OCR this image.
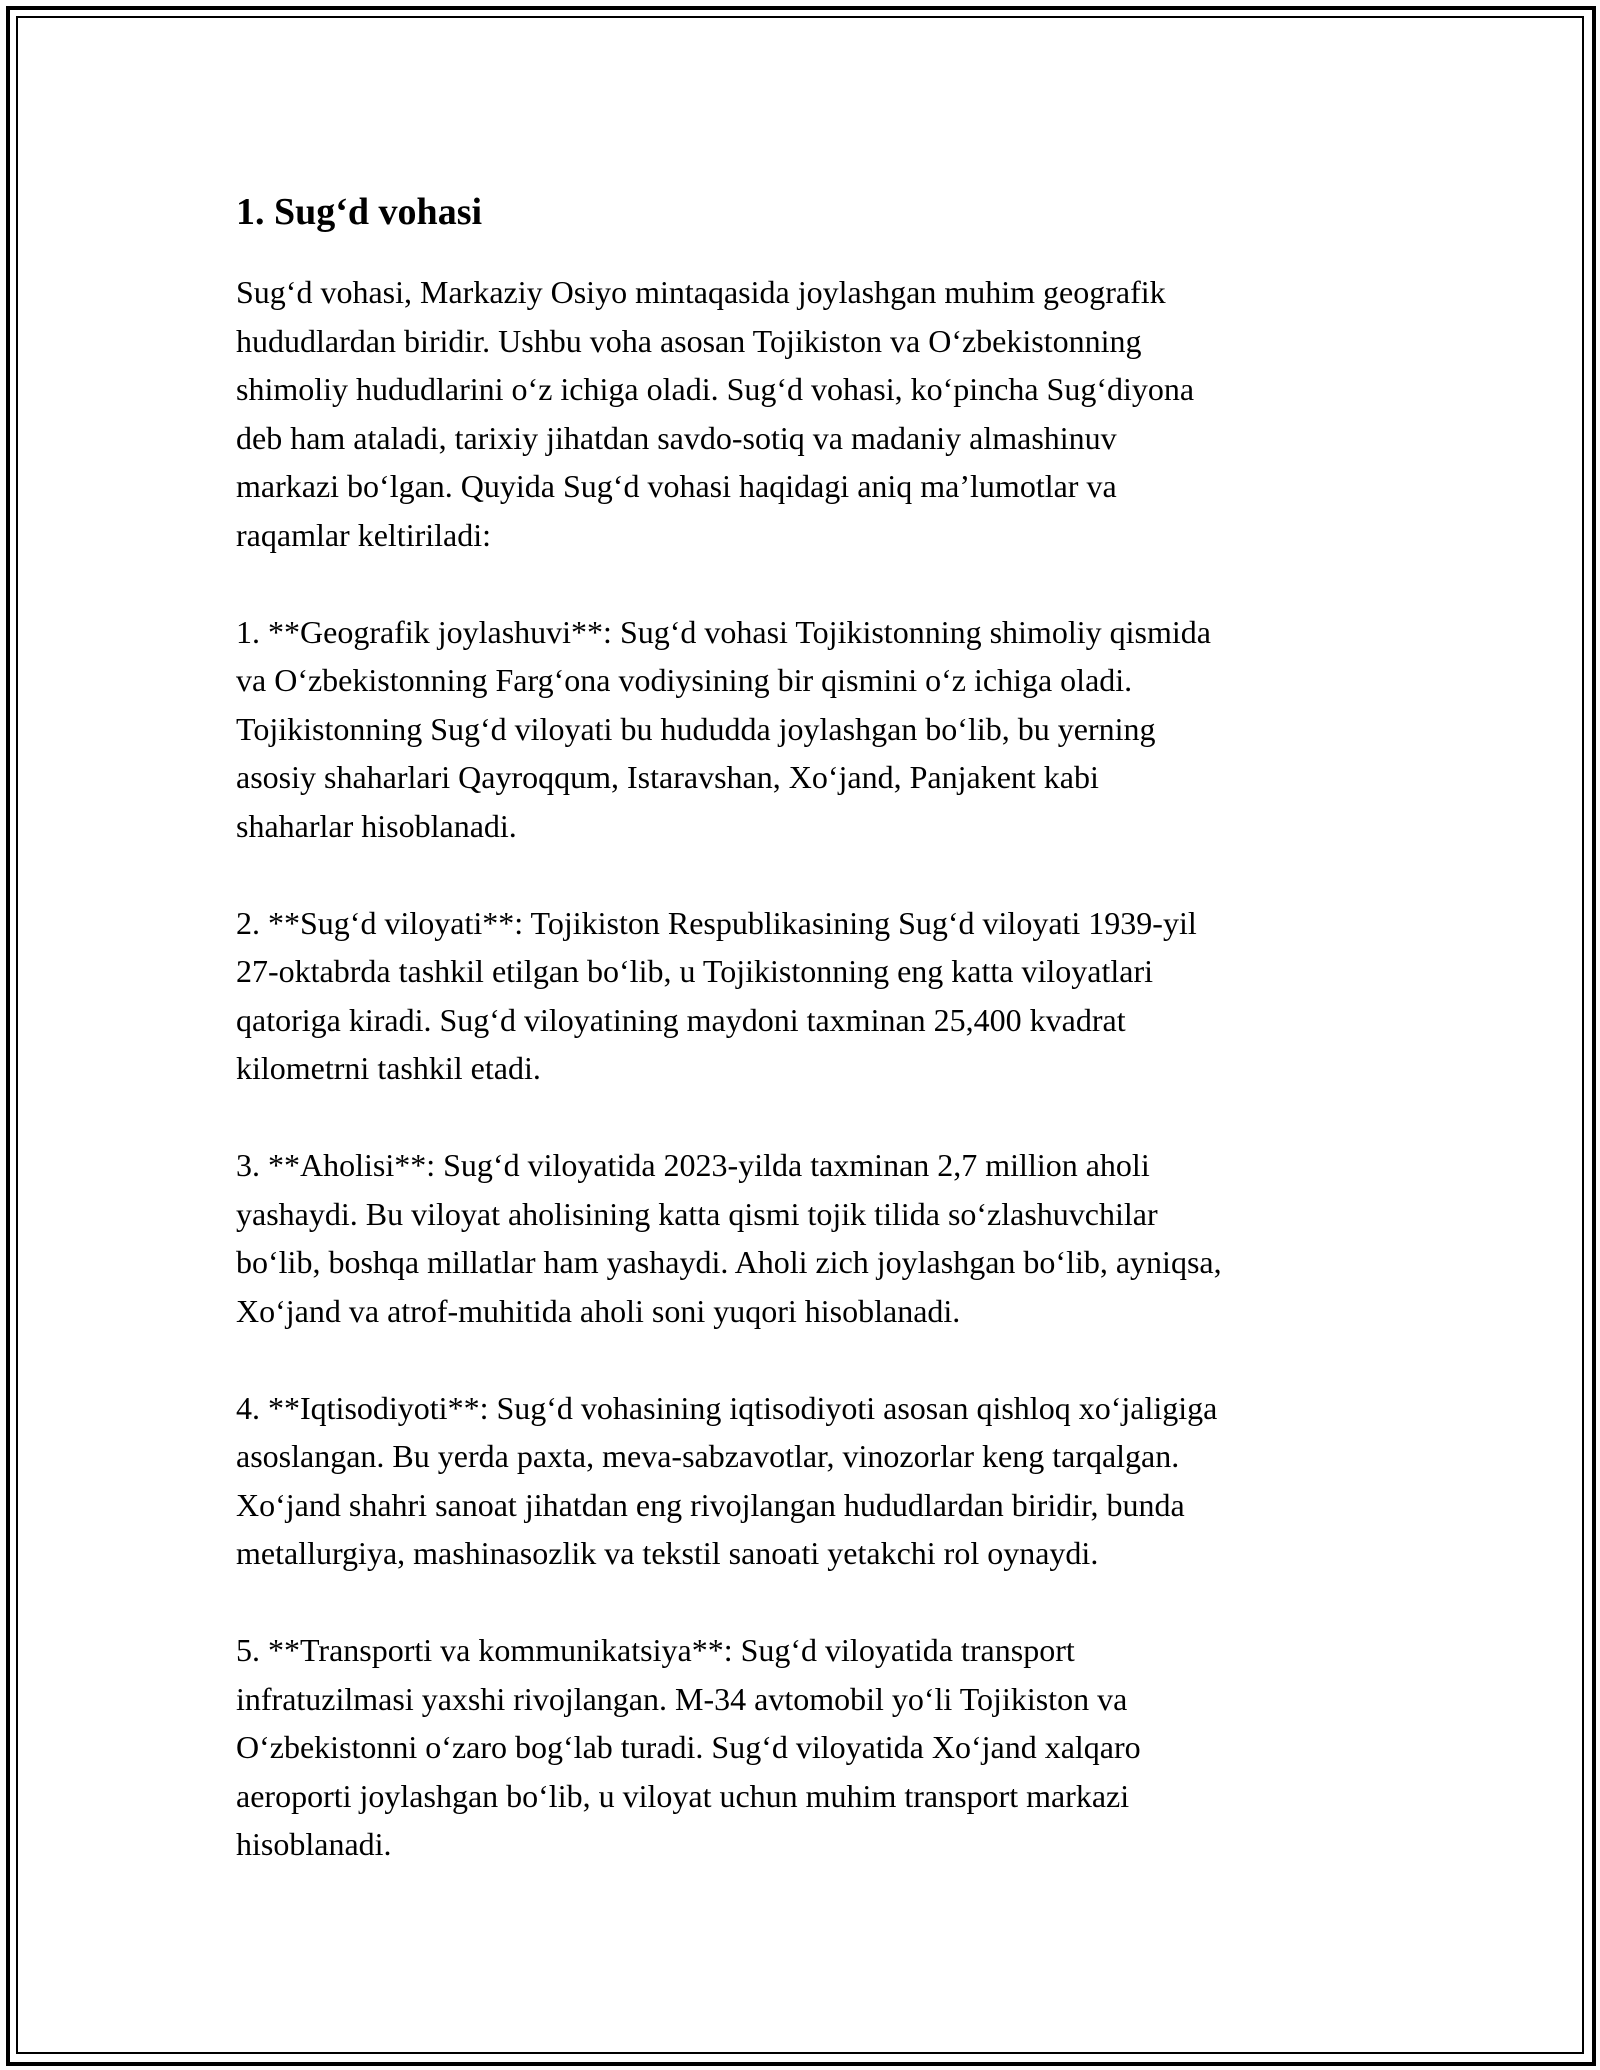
1. Sug‘d vohasi

Sug‘d vohasi, Markaziy Osiyo mintaqasida joylashgan muhim geografik
hududlardan biridir. Ushbu voha asosan Tojikiston va O‘zbekistonning
shimoliy hududlarini o‘z ichiga oladi. Sug‘d vohasi, ko‘pincha Sug‘diyona
deb ham ataladi, tarixiy jihatdan savdo-sotiq va madaniy almashinuv
markazi bo‘lgan. Quyida Sug‘d vohasi haqidagi aniq ma’lumotlar va
raqamlar keltiriladi:

1. **Geografik joylashuvi**: Sug‘d vohasi Tojikistonning shimoliy qismida
va O‘zbekistonning Farg‘ona vodiysining bir qismini o‘z ichiga oladi.
Tojikistonning Sug‘d viloyati bu hududda joylashgan bo‘lib, bu yerning
asosiy shaharlari Qayroqqum, Istaravshan, Xo‘jand, Panjakent kabi
shaharlar hisoblanadi.

2. **Sug‘d viloyati**: Tojikiston Respublikasining Sug‘d viloyati 1939-yil
27-oktabrda tashkil etilgan bo‘lib, u Tojikistonning eng katta viloyatlari
qatoriga kiradi. Sug‘d viloyatining maydoni taxminan 25,400 kvadrat
kilometrni tashkil etadi.

3. **Aholisi**: Sug‘d viloyatida 2023-yilda taxminan 2,7 million aholi
yashaydi. Bu viloyat aholisining katta qismi tojik tilida so‘zlashuvchilar
bo‘lib, boshqa millatlar ham yashaydi. Aholi zich joylashgan bo‘lib, ayniqsa,
Xo‘jand va atrof-muhitida aholi soni yuqori hisoblanadi.

4. **Iqtisodiyoti**: Sug‘d vohasining iqtisodiyoti asosan qishloq xo‘jaligiga
asoslangan. Bu yerda paxta, meva-sabzavotlar, vinozorlar keng tarqalgan.
Xo‘jand shahri sanoat jihatdan eng rivojlangan hududlardan biridir, bunda
metallurgiya, mashinasozlik va tekstil sanoati yetakchi rol oynaydi.

5. **Transporti va kommunikatsiya**: Sug‘d viloyatida transport
infratuzilmasi yaxshi rivojlangan. M-34 avtomobil yo‘li Tojikiston va
O‘zbekistonni o‘zaro bog‘lab turadi. Sug‘d viloyatida Xo‘jand xalqaro
aeroporti joylashgan bo‘lib, u viloyat uchun muhim transport markazi
hisoblanadi.
